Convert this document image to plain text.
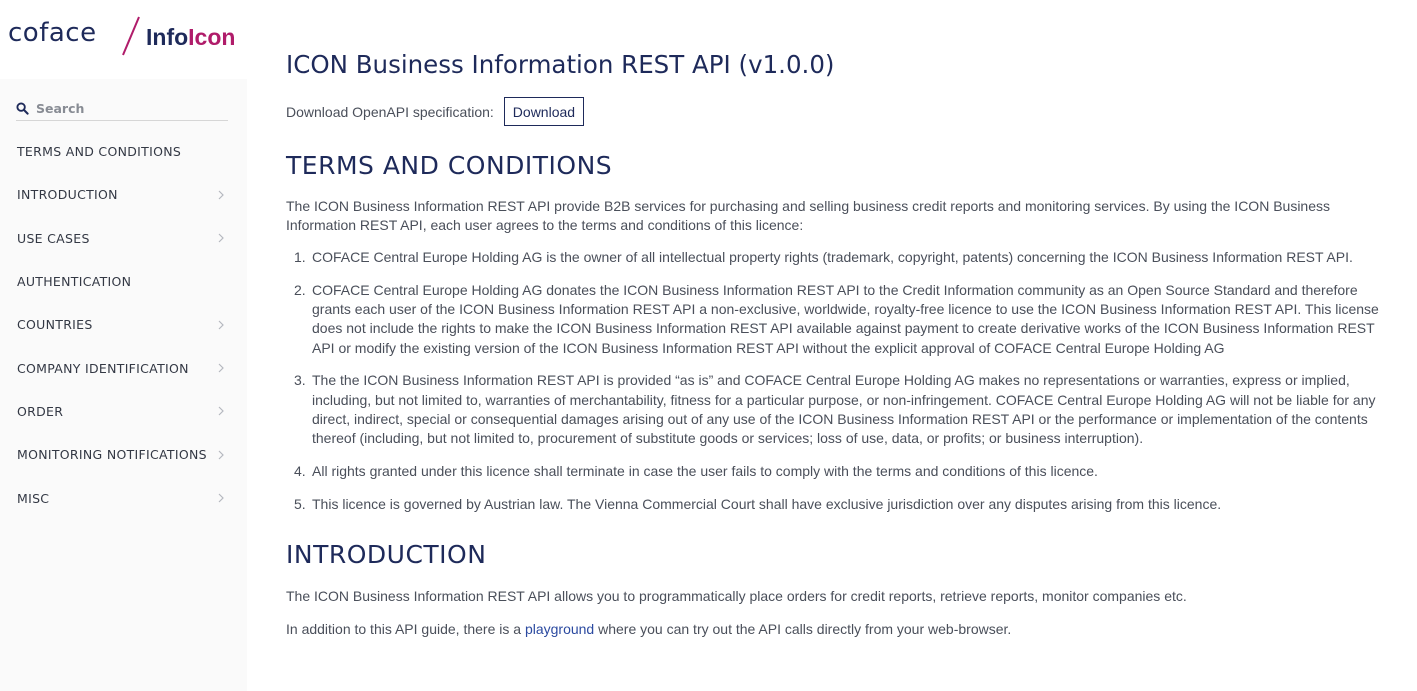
coface InfoIcon
Search
TERMS AND CONDITIONS
INTRODUCTION
USE CASES
AUTHENTICATION
COUNTRIES
COMPANY IDENTIFICATION
ORDER
MONITORING NOTIFICATIONS
MISC
ICON Business Information REST API (v1.0.0)
Download OpenAPI specification:	Download
TERMS AND CONDITIONS

The ICON Business Information REST API provide B2B services for purchasing and selling business credit reports and monitoring services. By using the ICON Business Information REST API, each user agrees to the terms and conditions of this licence:

1. COFACE Central Europe Holding AG is the owner of all intellectual property rights (trademark, copyright, patents) concerning the ICON Business Information REST API.
2. COFACE Central Europe Holding AG donates the ICON Business Information REST API to the Credit Information community as an Open Source Standard and therefore grants each user of the ICON Business Information REST API a non-exclusive, worldwide, royalty-free licence to use the ICON Business Information REST API. This license does not include the rights to make the ICON Business Information REST API available against payment to create derivative works of the ICON Business Information REST API or modify the existing version of the ICON Business Information REST API without the explicit approval of COFACE Central Europe Holding AG
3. The the ICON Business Information REST API is provided “as is” and COFACE Central Europe Holding AG makes no representations or warranties, express or implied, including, but not limited to, warranties of merchantability, fitness for a particular purpose, or non-infringement. COFACE Central Europe Holding AG will not be liable for any direct, indirect, special or consequential damages arising out of any use of the ICON Business Information REST API or the performance or implementation of the contents thereof (including, but not limited to, procurement of substitute goods or services; loss of use, data, or profits; or business interruption).
4. All rights granted under this licence shall terminate in case the user fails to comply with the terms and conditions of this licence.
5. This licence is governed by Austrian law. The Vienna Commercial Court shall have exclusive jurisdiction over any disputes arising from this licence.
INTRODUCTION

The ICON Business Information REST API allows you to programmatically place orders for credit reports, retrieve reports, monitor companies etc.

In addition to this API guide, there is a playground where you can try out the API calls directly from your web-browser.
